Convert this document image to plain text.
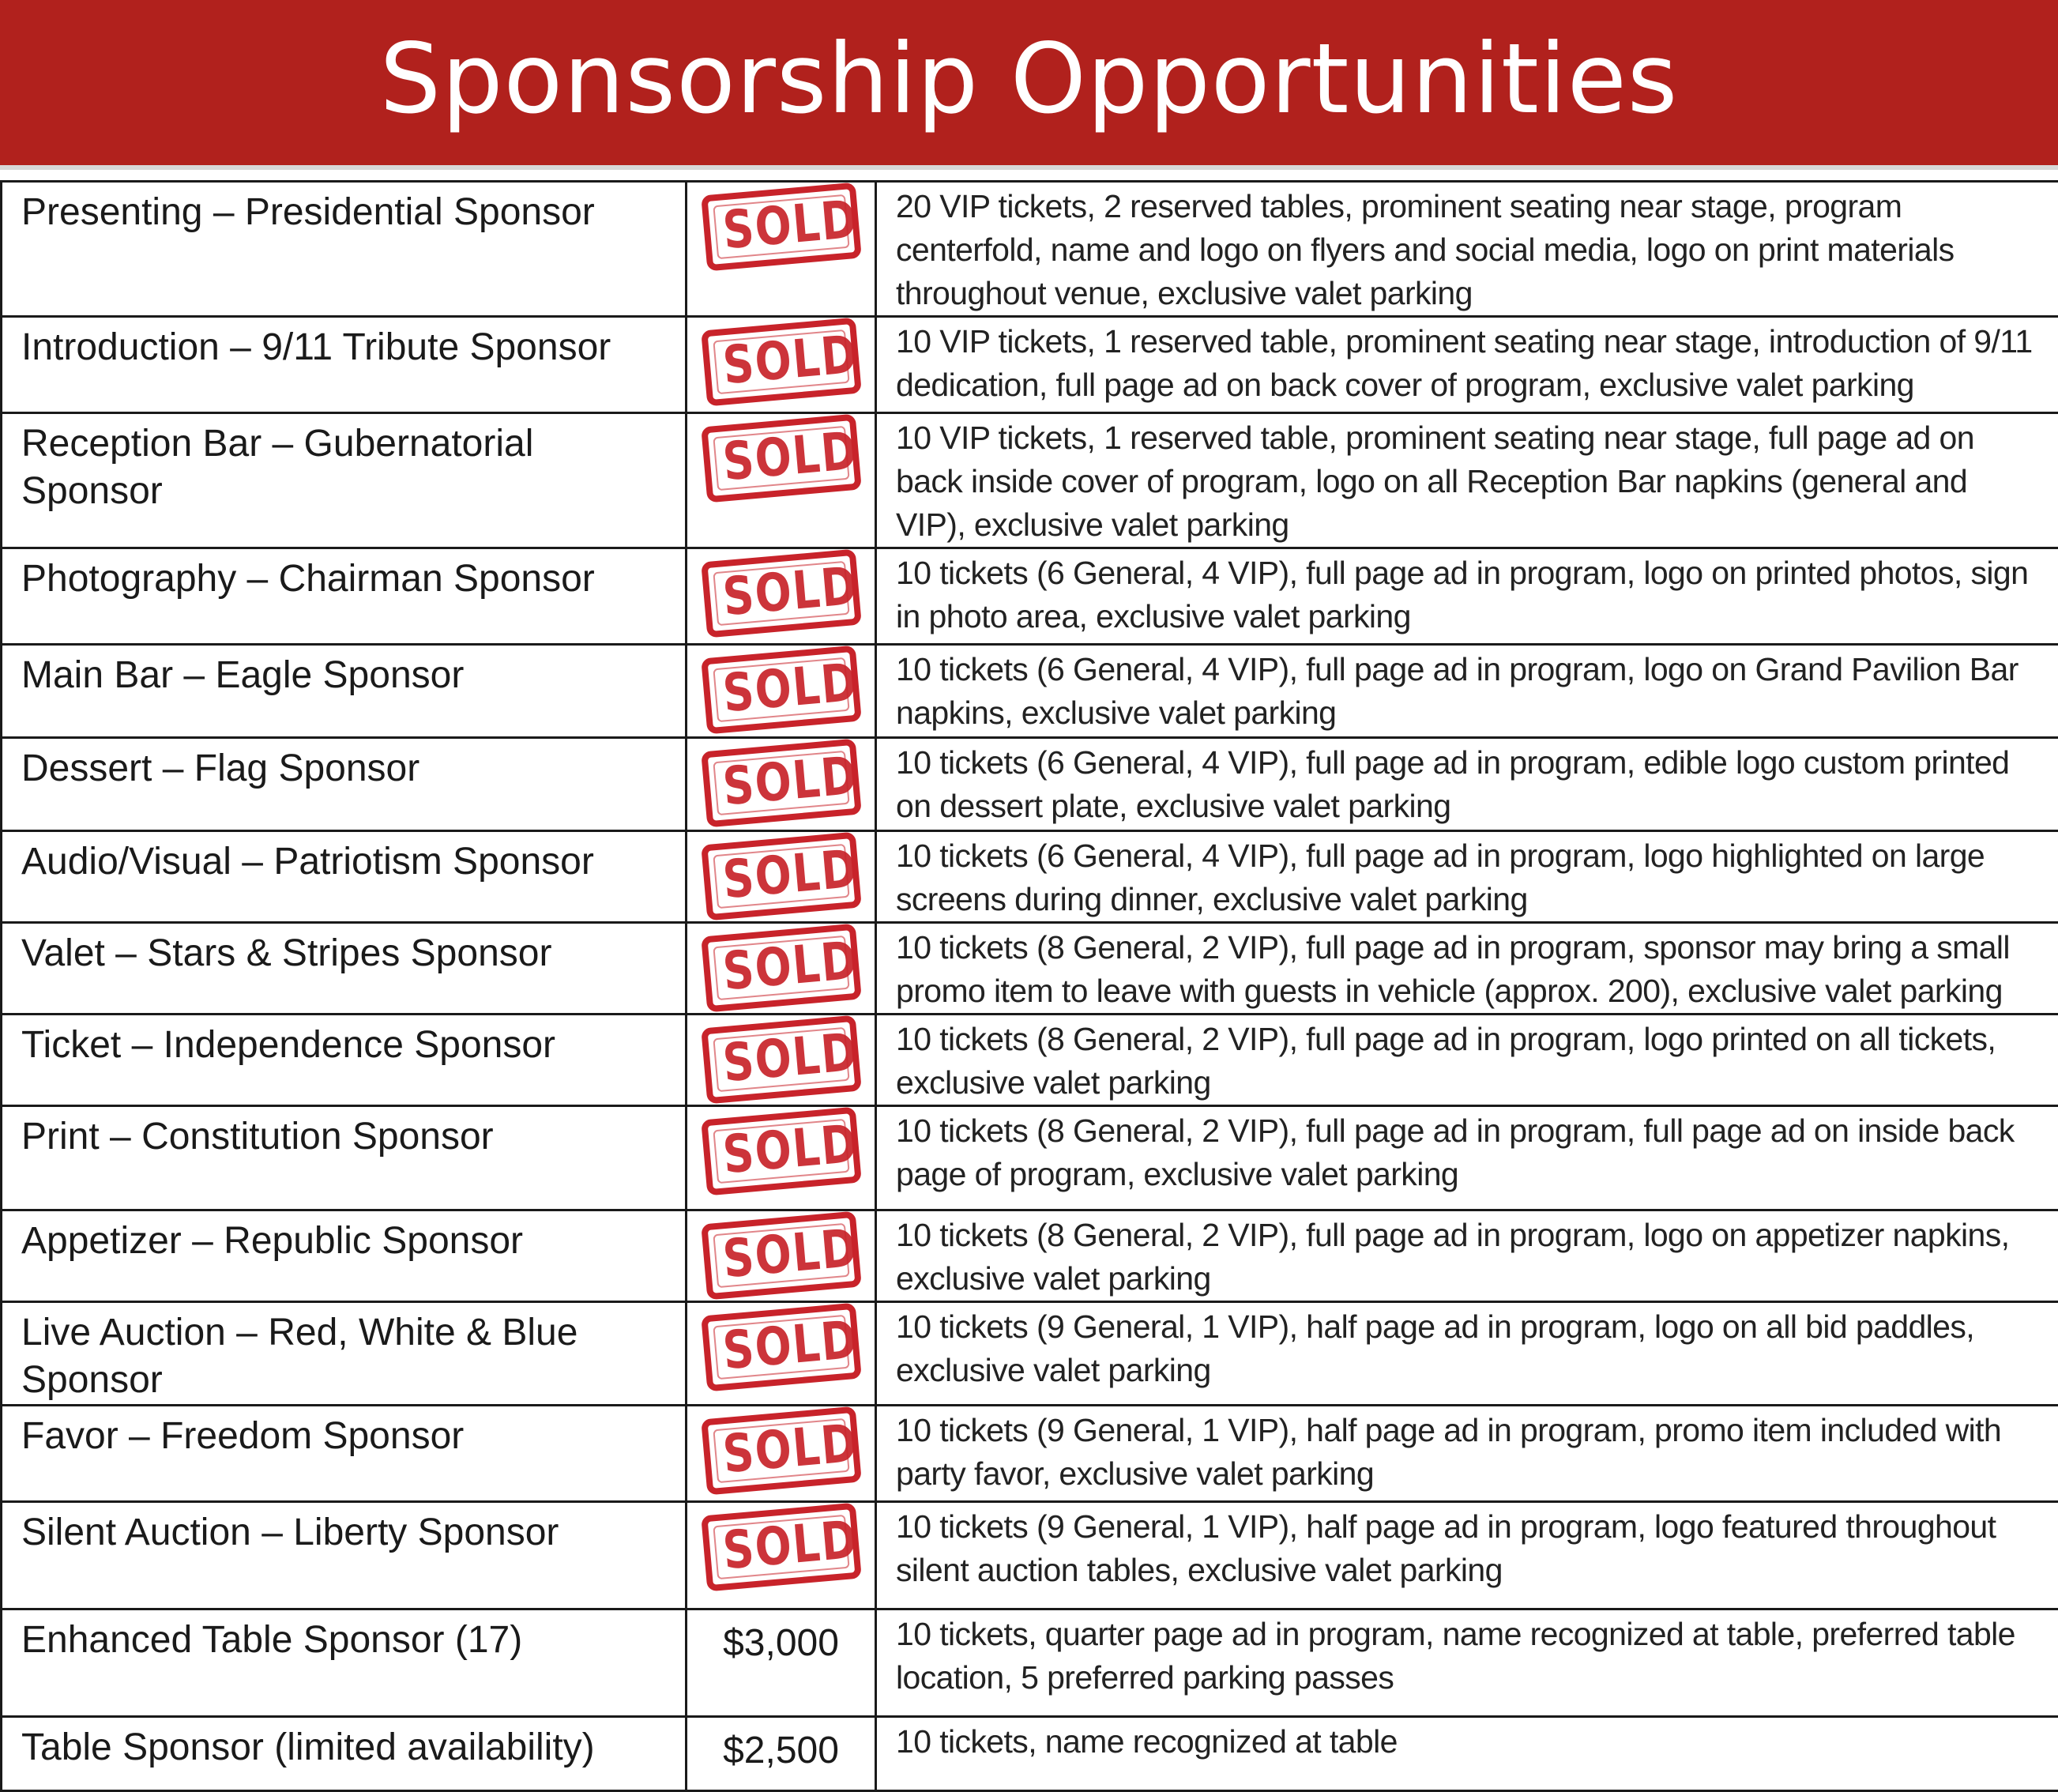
Sponsorship Opportunities
Presenting – Presidential Sponsor	SOLD	20 VIP tickets, 2 reserved tables, prominent seating near stage, program centerfold, name and logo on flyers and social media, logo on print materials throughout venue, exclusive valet parking
Introduction – 9/11 Tribute Sponsor	SOLD	10 VIP tickets, 1 reserved table, prominent seating near stage, introduction of 9/11 dedication, full page ad on back cover of program, exclusive valet parking
Reception Bar – Gubernatorial Sponsor	SOLD	10 VIP tickets, 1 reserved table, prominent seating near stage, full page ad on back inside cover of program, logo on all Reception Bar napkins (general and VIP), exclusive valet parking
Photography – Chairman Sponsor	SOLD	10 tickets (6 General, 4 VIP), full page ad in program, logo on printed photos, sign in photo area, exclusive valet parking
Main Bar – Eagle Sponsor	SOLD	10 tickets (6 General, 4 VIP), full page ad in program, logo on Grand Pavilion Bar napkins, exclusive valet parking
Dessert – Flag Sponsor	SOLD	10 tickets (6 General, 4 VIP), full page ad in program, edible logo custom printed on dessert plate, exclusive valet parking
Audio/Visual – Patriotism Sponsor	SOLD	10 tickets (6 General, 4 VIP), full page ad in program, logo highlighted on large screens during dinner, exclusive valet parking
Valet – Stars & Stripes Sponsor	SOLD	10 tickets (8 General, 2 VIP), full page ad in program, sponsor may bring a small promo item to leave with guests in vehicle (approx. 200), exclusive valet parking
Ticket – Independence Sponsor	SOLD	10 tickets (8 General, 2 VIP), full page ad in program, logo printed on all tickets, exclusive valet parking
Print – Constitution Sponsor	SOLD	10 tickets (8 General, 2 VIP), full page ad in program, full page ad on inside back page of program, exclusive valet parking
Appetizer – Republic Sponsor	SOLD	10 tickets (8 General, 2 VIP), full page ad in program, logo on appetizer napkins, exclusive valet parking
Live Auction – Red, White & Blue Sponsor	SOLD	10 tickets (9 General, 1 VIP), half page ad in program, logo on all bid paddles, exclusive valet parking
Favor – Freedom Sponsor	SOLD	10 tickets (9 General, 1 VIP), half page ad in program, promo item included with party favor, exclusive valet parking
Silent Auction – Liberty Sponsor	SOLD	10 tickets (9 General, 1 VIP), half page ad in program, logo featured throughout silent auction tables, exclusive valet parking
Enhanced Table Sponsor (17)	$3,000	10 tickets, quarter page ad in program, name recognized at table, preferred table location, 5 preferred parking passes
Table Sponsor (limited availability)	$2,500	10 tickets, name recognized at table
